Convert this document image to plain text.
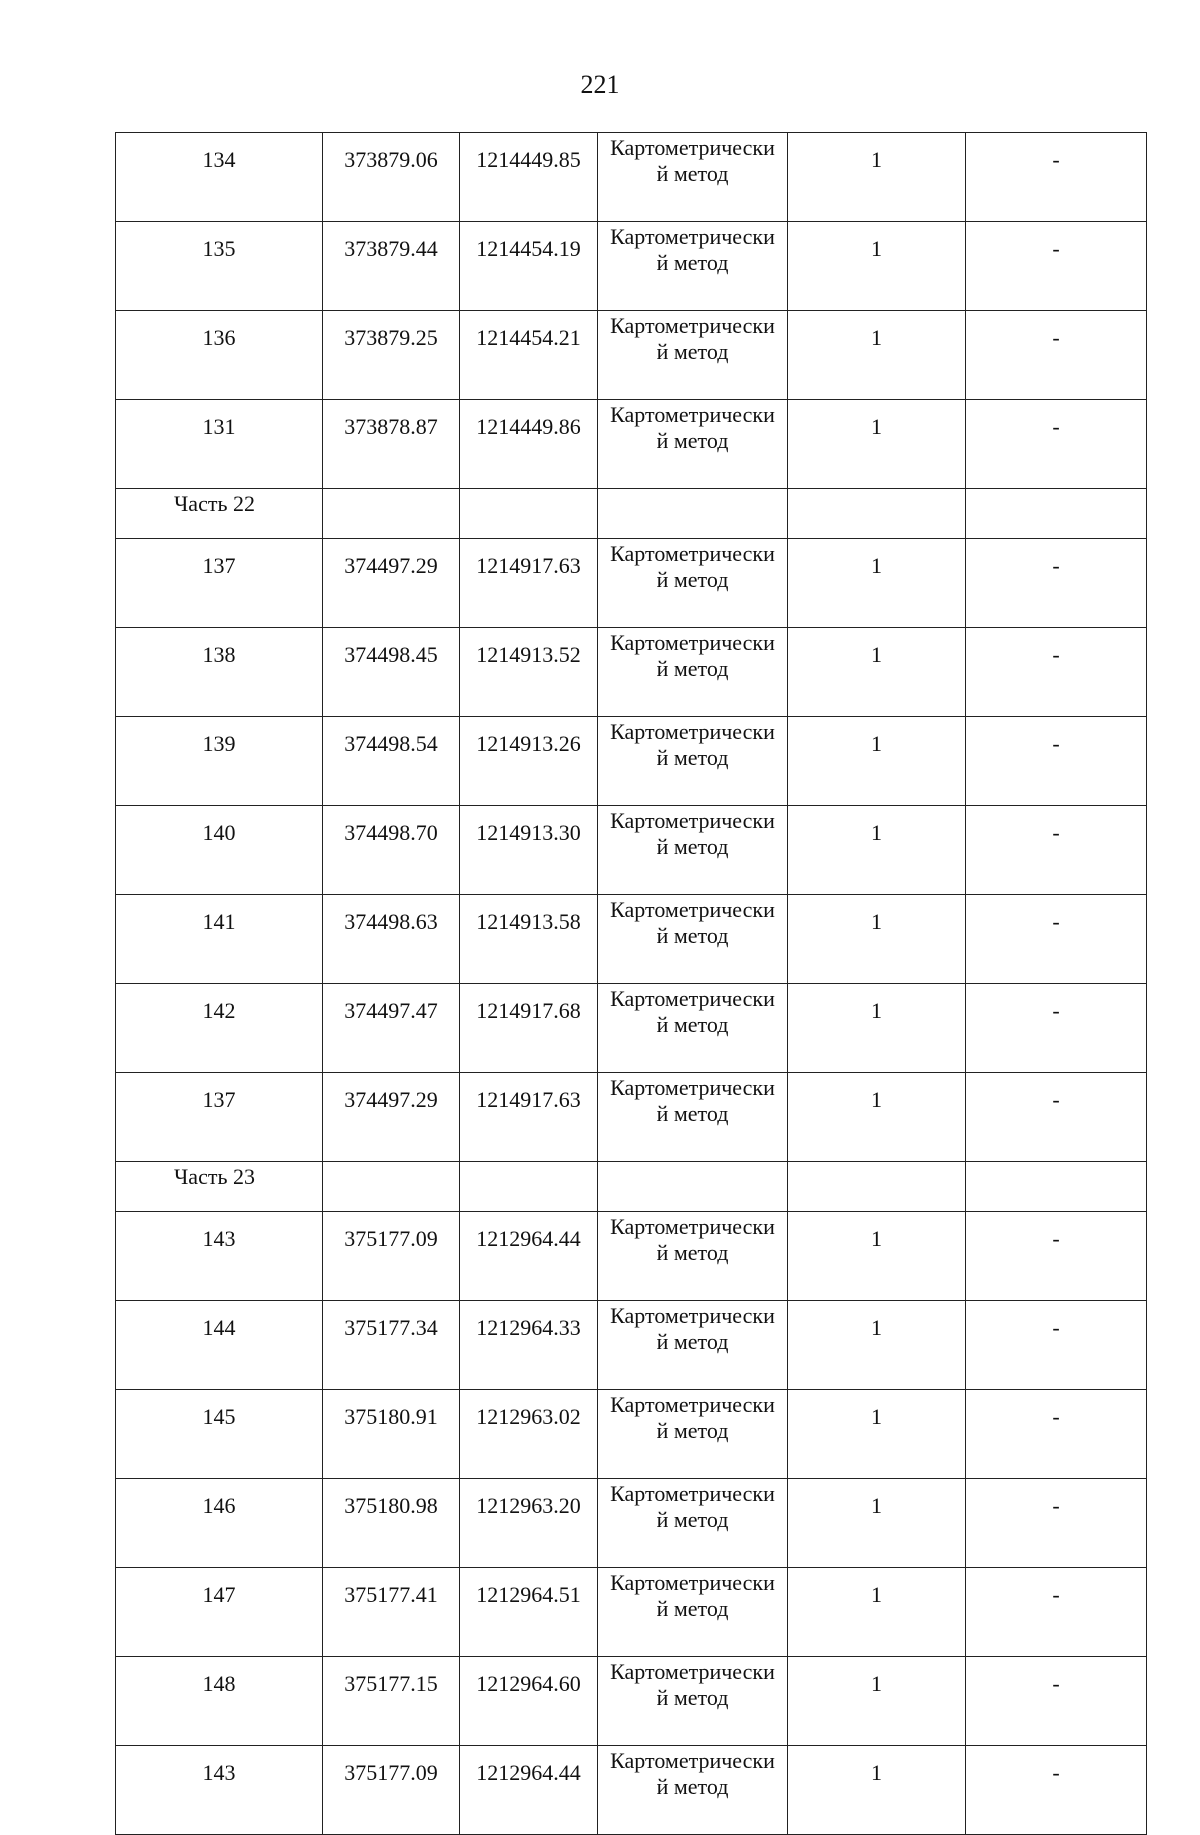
221
134	373879.06	1214449.85	Картометрически
й метод	1	-
135	373879.44	1214454.19	Картометрически
й метод	1	-
136	373879.25	1214454.21	Картометрически
й метод	1	-
131	373878.87	1214449.86	Картометрически
й метод	1	-
Часть 22					
137	374497.29	1214917.63	Картометрически
й метод	1	-
138	374498.45	1214913.52	Картометрически
й метод	1	-
139	374498.54	1214913.26	Картометрически
й метод	1	-
140	374498.70	1214913.30	Картометрически
й метод	1	-
141	374498.63	1214913.58	Картометрически
й метод	1	-
142	374497.47	1214917.68	Картометрически
й метод	1	-
137	374497.29	1214917.63	Картометрически
й метод	1	-
Часть 23					
143	375177.09	1212964.44	Картометрически
й метод	1	-
144	375177.34	1212964.33	Картометрически
й метод	1	-
145	375180.91	1212963.02	Картометрически
й метод	1	-
146	375180.98	1212963.20	Картометрически
й метод	1	-
147	375177.41	1212964.51	Картометрически
й метод	1	-
148	375177.15	1212964.60	Картометрически
й метод	1	-
143	375177.09	1212964.44	Картометрически
й метод	1	-
